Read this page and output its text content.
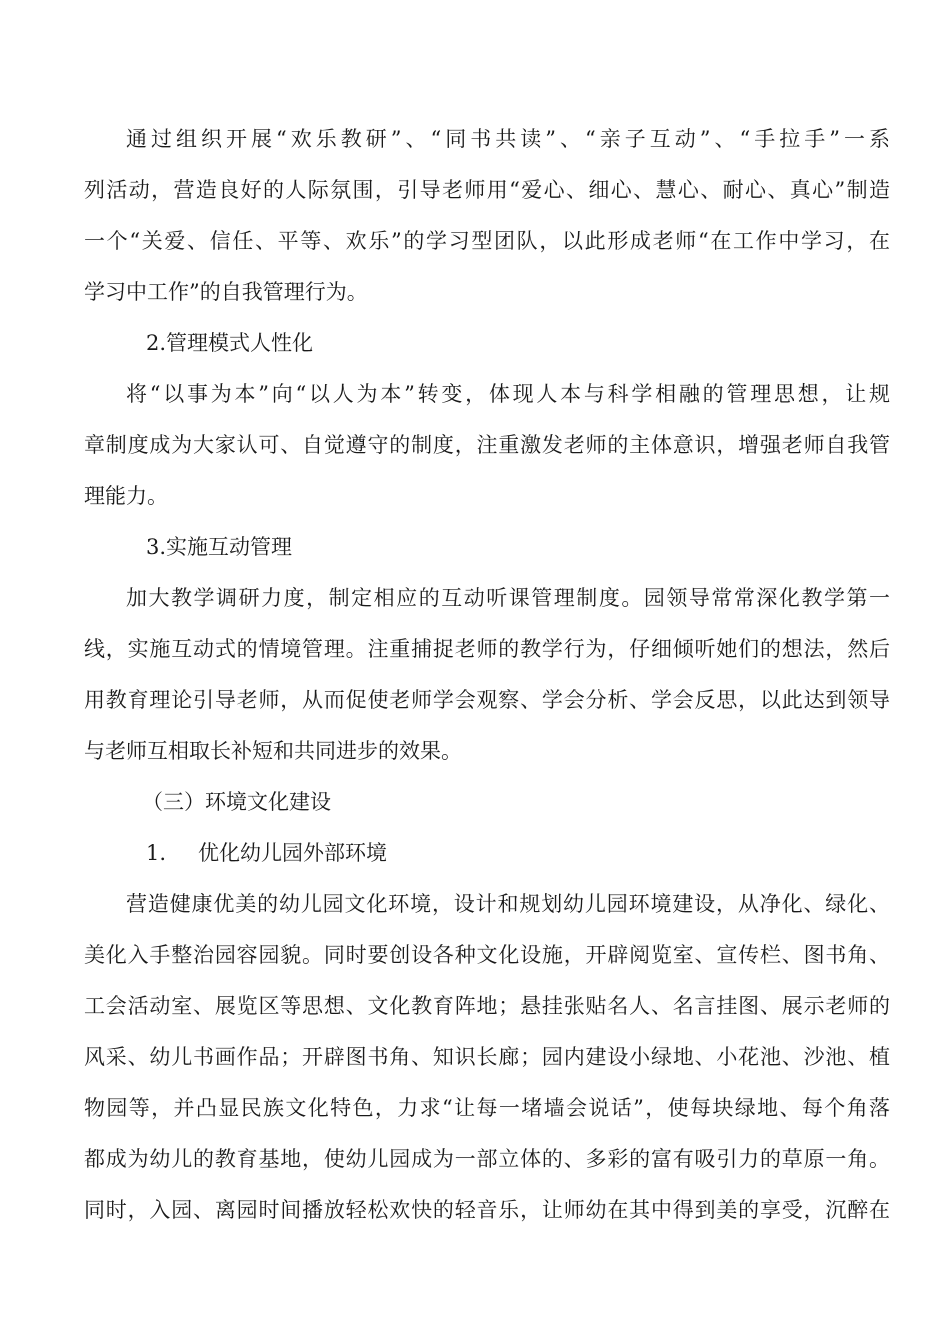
通过组织开展“欢乐教研”、“同书共读”、“亲子互动”、“手拉手”一系
列活动，营造良好的人际氛围，引导老师用“爱心、细心、慧心、耐心、真心”制造
一个“关爱、信任、平等、欢乐”的学习型团队，以此形成老师“在工作中学习，在
学习中工作”的自我管理行为。
2.管理模式人性化
将“以事为本”向“以人为本”转变，体现人本与科学相融的管理思想，让规
章制度成为大家认可、自觉遵守的制度，注重激发老师的主体意识，增强老师自我管
理能力。
3.实施互动管理
加大教学调研力度，制定相应的互动听课管理制度。园领导常常深化教学第一
线，实施互动式的情境管理。注重捕捉老师的教学行为，仔细倾听她们的想法，然后
用教育理论引导老师，从而促使老师学会观察、学会分析、学会反思，以此达到领导
与老师互相取长补短和共同进步的效果。
（三）环境文化建设
1. 优化幼儿园外部环境
营造健康优美的幼儿园文化环境，设计和规划幼儿园环境建设，从净化、绿化、
美化入手整治园容园貌。同时要创设各种文化设施，开辟阅览室、宣传栏、图书角、
工会活动室、展览区等思想、文化教育阵地；悬挂张贴名人、名言挂图、展示老师的
风采、幼儿书画作品；开辟图书角、知识长廊；园内建设小绿地、小花池、沙池、植
物园等，并凸显民族文化特色，力求“让每一堵墙会说话”，使每块绿地、每个角落
都成为幼儿的教育基地，使幼儿园成为一部立体的、多彩的富有吸引力的草原一角。
同时，入园、离园时间播放轻松欢快的轻音乐，让师幼在其中得到美的享受，沉醉在
